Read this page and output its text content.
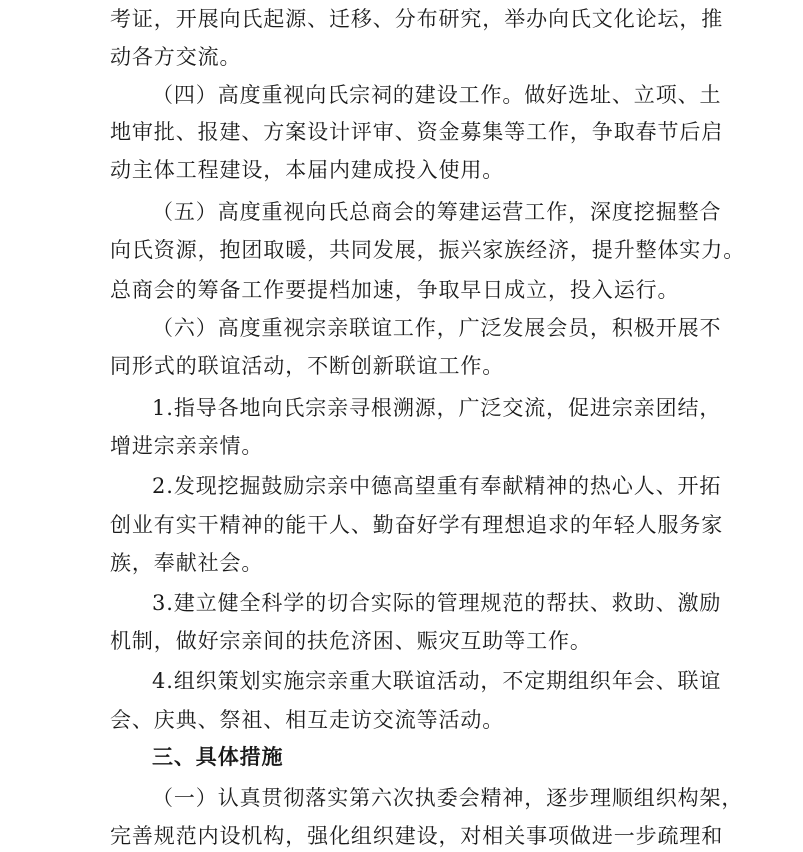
考证，开展向氏起源、迁移、分布研究，举办向氏文化论坛，推
动各方交流。
（四）高度重视向氏宗祠的建设工作。做好选址、立项、土
地审批、报建、方案设计评审、资金募集等工作，争取春节后启
动主体工程建设，本届内建成投入使用。
（五）高度重视向氏总商会的筹建运营工作，深度挖掘整合
向氏资源，抱团取暖，共同发展，振兴家族经济，提升整体实力。
总商会的筹备工作要提档加速，争取早日成立，投入运行。
（六）高度重视宗亲联谊工作，广泛发展会员，积极开展不
同形式的联谊活动，不断创新联谊工作。
1.指导各地向氏宗亲寻根溯源，广泛交流，促进宗亲团结，
增进宗亲亲情。
2.发现挖掘鼓励宗亲中德高望重有奉献精神的热心人、开拓
创业有实干精神的能干人、勤奋好学有理想追求的年轻人服务家
族，奉献社会。
3.建立健全科学的切合实际的管理规范的帮扶、救助、激励
机制，做好宗亲间的扶危济困、赈灾互助等工作。
4.组织策划实施宗亲重大联谊活动，不定期组织年会、联谊
会、庆典、祭祖、相互走访交流等活动。
三、具体措施
（一）认真贯彻落实第六次执委会精神，逐步理顺组织构架，
完善规范内设机构，强化组织建设，对相关事项做进一步疏理和
